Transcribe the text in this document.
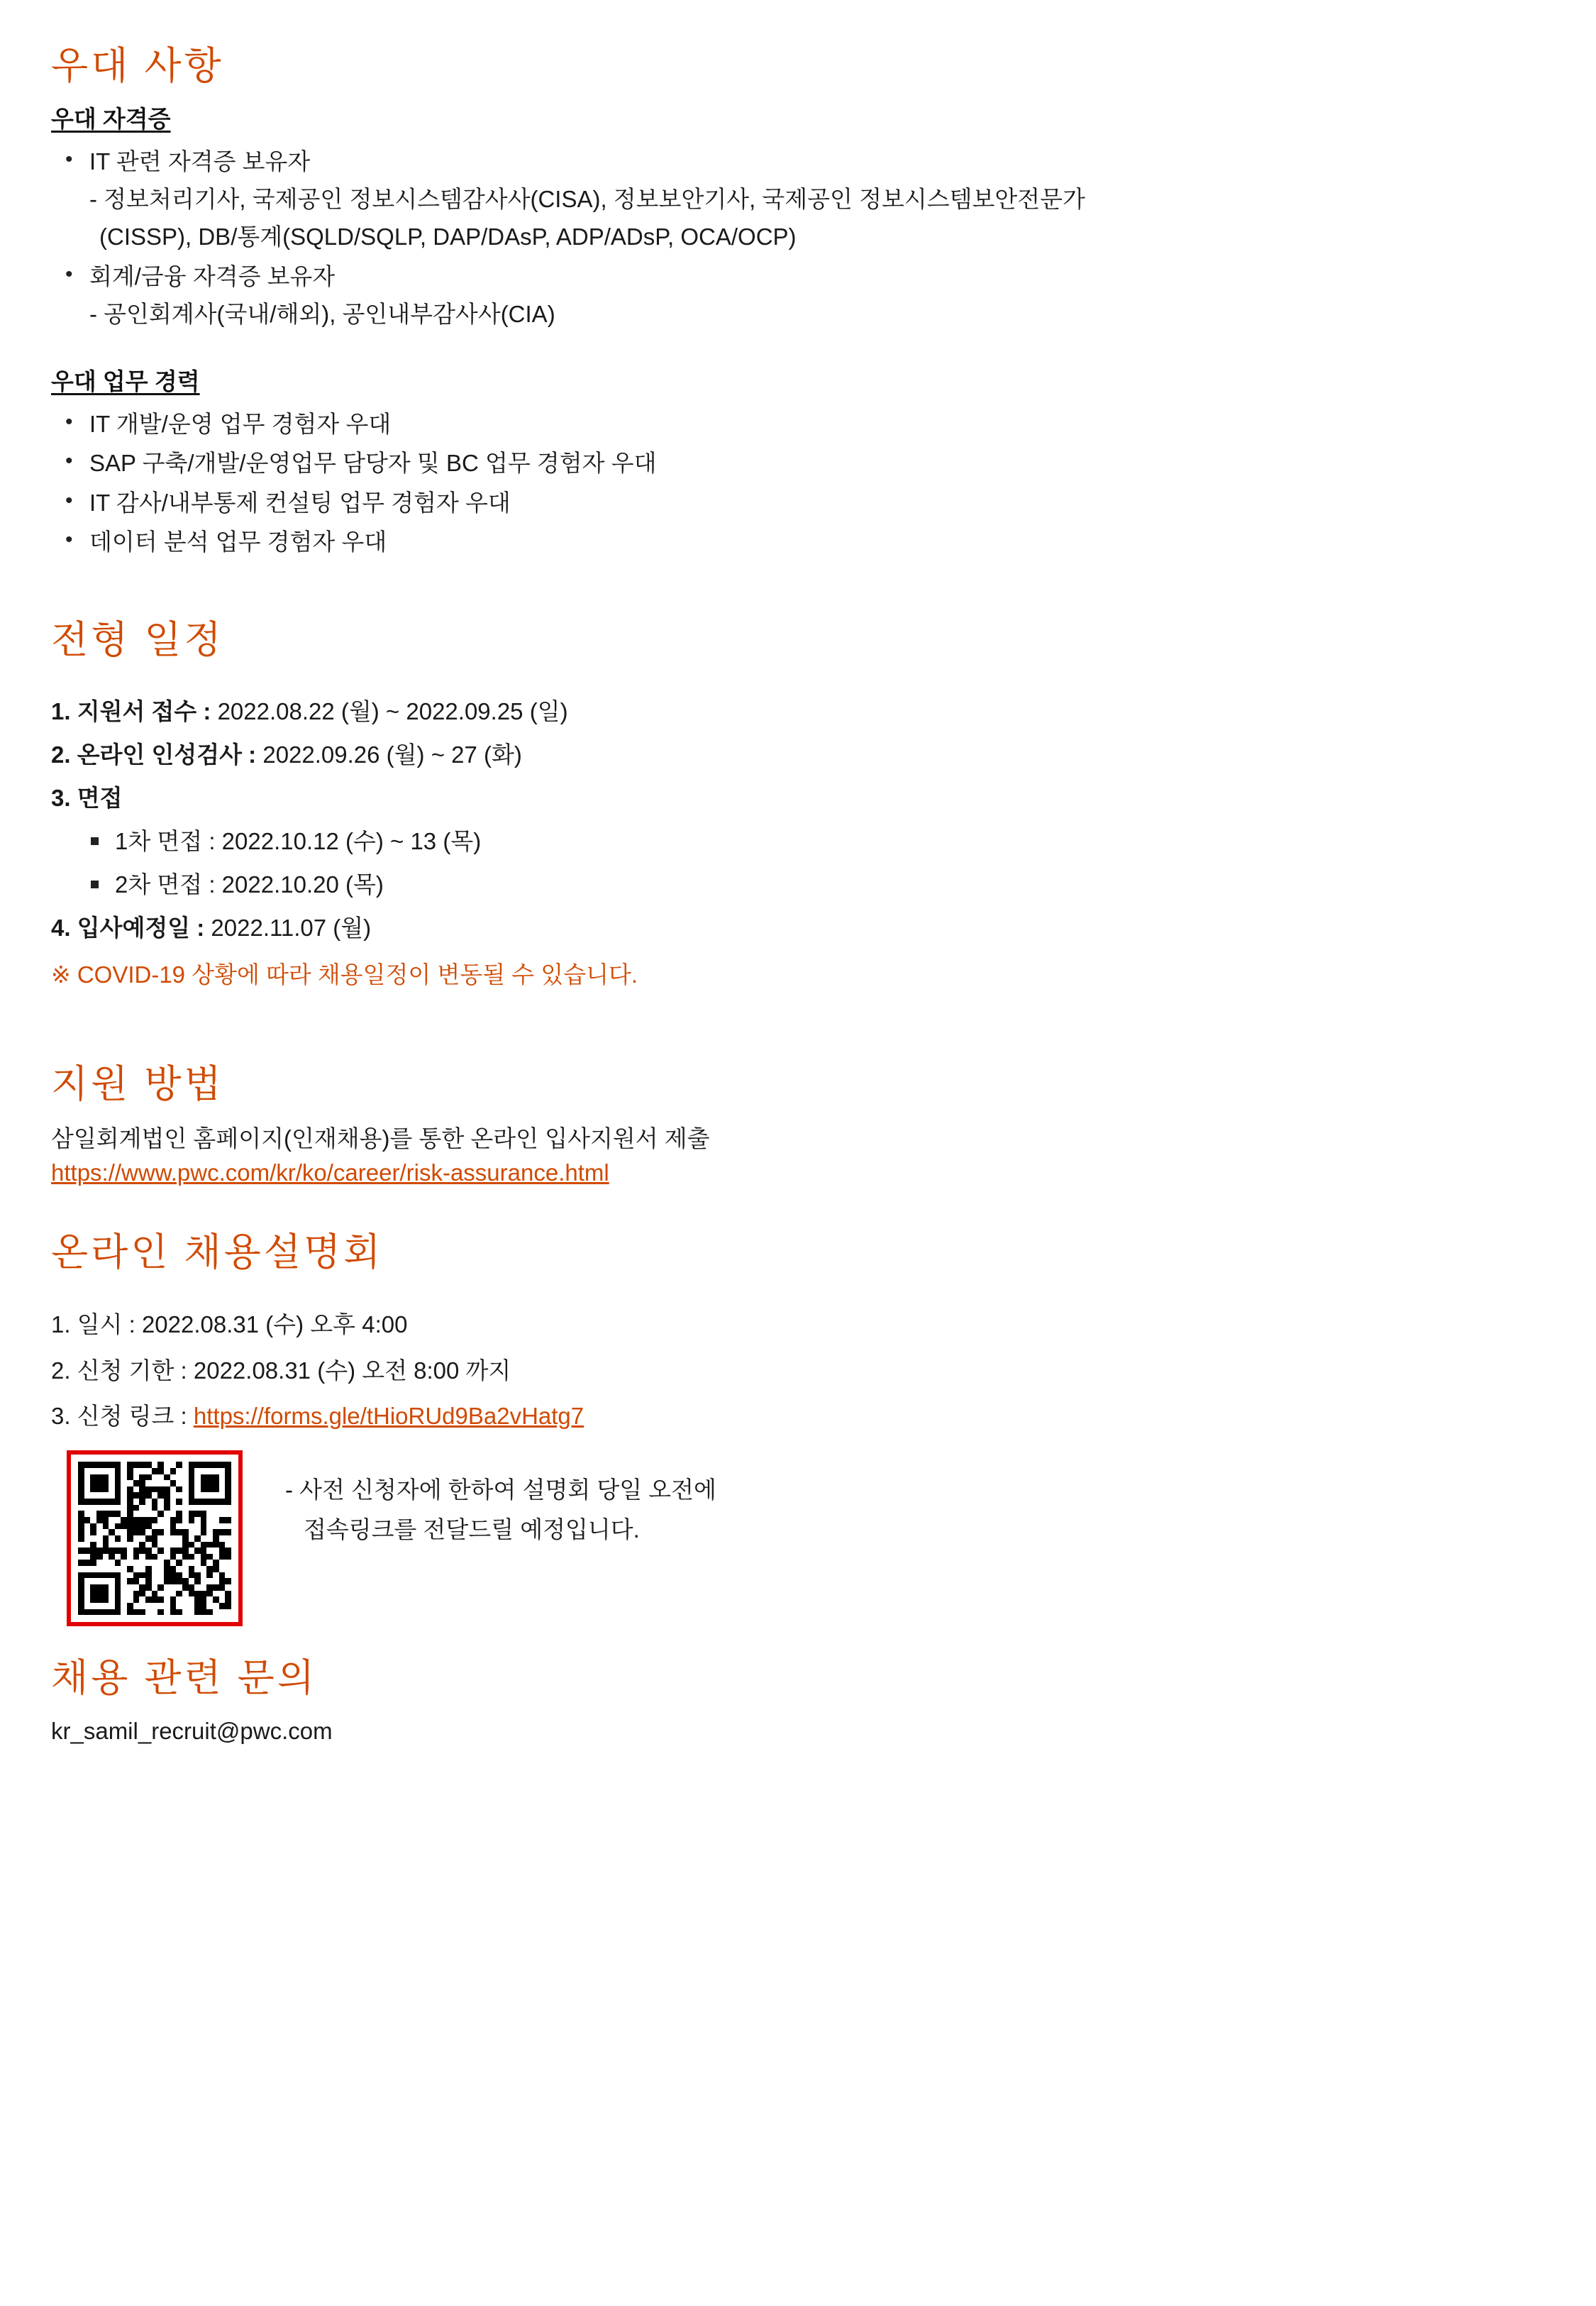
우대 사항
우대 자격증
• IT 관련 자격증 보유자
- 정보처리기사, 국제공인 정보시스템감사사(CISA), 정보보안기사, 국제공인 정보시스템보안전문가
(CISSP), DB/통계(SQLD/SQLP, DAP/DAsP, ADP/ADsP, OCA/OCP)
• 회계/금융 자격증 보유자
- 공인회계사(국내/해외), 공인내부감사사(CIA)
우대 업무 경력
• IT 개발/운영 업무 경험자 우대
• SAP 구축/개발/운영업무 담당자 및 BC 업무 경험자 우대
• IT 감사/내부통제 컨설팅 업무 경험자 우대
• 데이터 분석 업무 경험자 우대
전형 일정

1. 지원서 접수 : 2022.08.22 (월) ~ 2022.09.25 (일)

2. 온라인 인성검사 : 2022.09.26 (월) ~ 27 (화)

3. 면접

1차 면접 : 2022.10.12 (수) ~ 13 (목)
2차 면접 : 2022.10.20 (목)

4. 입사예정일 : 2022.11.07 (월)

※ COVID-19 상황에 따라 채용일정이 변동될 수 있습니다.

지원 방법

삼일회계법인 홈페이지(인재채용)를 통한 온라인 입사지원서 제출

https://www.pwc.com/kr/ko/career/risk-assurance.html
온라인 채용설명회

1. 일시 : 2022.08.31 (수) 오후 4:00

2. 신청 기한 : 2022.08.31 (수) 오전 8:00 까지

3. 신청 링크 : https://forms.gle/tHioRUd9Ba2vHatg7

- 사전 신청자에 한하여 설명회 당일 오전에
접속링크를 전달드릴 예정입니다.
채용 관련 문의
kr_samil_recruit@pwc.com
